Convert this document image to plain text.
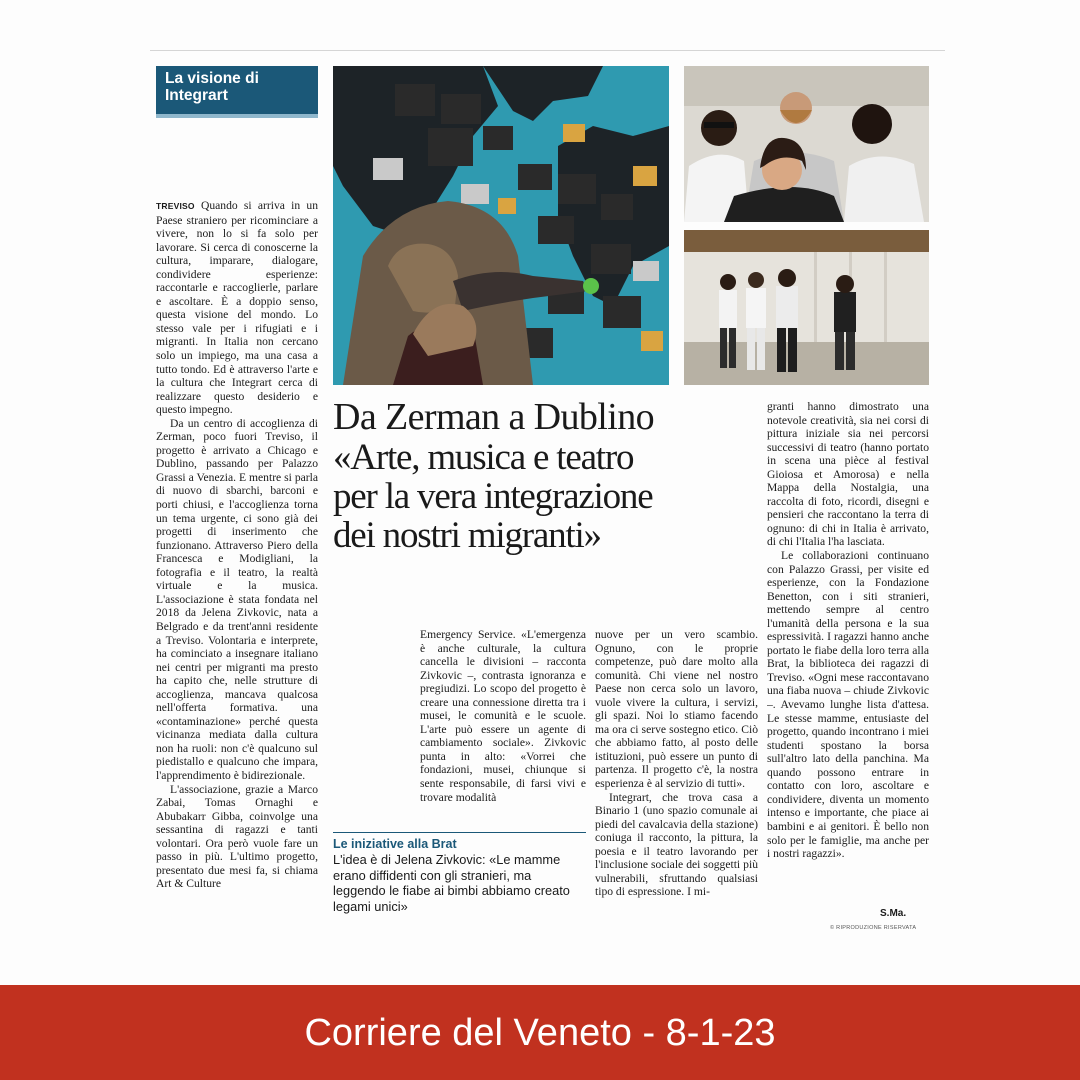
La visione di Integrart
Da Zerman a Dublino
«Arte, musica e teatro
per la vera integrazione
dei nostri migranti»

TREVISO Quando si arriva in un Paese straniero per ricominciare a vivere, non lo si fa solo per lavorare. Si cerca di conoscerne la cultura, imparare, dialogare, condividere esperienze: raccontarle e raccoglierle, parlare e ascoltare. È a doppio senso, questa visione del mondo. Lo stesso vale per i rifugiati e i migranti. In Italia non cercano solo un impiego, ma una casa a tutto tondo. Ed è attraverso l'arte e la cultura che Integrart cerca di realizzare questo desiderio e questo impegno.

Da un centro di accoglienza di Zerman, poco fuori Treviso, il progetto è arrivato a Chicago e Dublino, passando per Palazzo Grassi a Venezia. E mentre si parla di nuovo di sbarchi, barconi e porti chiusi, e l'accoglienza torna un tema urgente, ci sono già dei progetti di inserimento che funzionano. Attraverso Piero della Francesca e Modigliani, la fotografia e il teatro, la realtà virtuale e la musica. L'associazione è stata fondata nel 2018 da Jelena Zivkovic, nata a Belgrado e da trent'anni residente a Treviso. Volontaria e interprete, ha cominciato a insegnare italiano nei centri per migranti ma presto ha capito che, nelle strutture di accoglienza, mancava qualcosa nell'offerta formativa. una «contaminazione» perché questa vicinanza mediata dalla cultura non ha ruoli: non c'è qualcuno sul piedistallo e qualcuno che impara, l'apprendimento è bidirezionale.

L'associazione, grazie a Marco Zabai, Tomas Ornaghi e Abubakarr Gibba, coinvolge una sessantina di ragazzi e tanti volontari. Ora però vuole fare un passo in più. L'ultimo progetto, presentato due mesi fa, si chiama Art & Culture

Emergency Service. «L'emergenza è anche culturale, la cultura cancella le divisioni – racconta Zivkovic –, contrasta ignoranza e pregiudizi. Lo scopo del progetto è creare una connessione diretta tra i musei, le comunità e le scuole. L'arte può essere un agente di cambiamento sociale». Zivkovic punta in alto: «Vorrei che fondazioni, musei, chiunque si sente responsabile, di farsi vivi e trovare modalità

Le iniziative alla Brat
L'idea è di Jelena Zivkovic: «Le mamme erano diffidenti con gli stranieri, ma leggendo le fiabe ai bimbi abbiamo creato legami unici»

nuove per un vero scambio. Ognuno, con le proprie competenze, può dare molto alla comunità. Chi viene nel nostro Paese non cerca solo un lavoro, vuole vivere la cultura, i servizi, gli spazi. Noi lo stiamo facendo ma ora ci serve sostegno etico. Ciò che abbiamo fatto, al posto delle istituzioni, può essere un punto di partenza. Il progetto c'è, la nostra esperienza è al servizio di tutti».

Integrart, che trova casa a Binario 1 (uno spazio comunale ai piedi del cavalcavia della stazione) coniuga il racconto, la pittura, la poesia e il teatro lavorando per l'inclusione sociale dei soggetti più vulnerabili, sfruttando qualsiasi tipo di espressione. I mi-

granti hanno dimostrato una notevole creatività, sia nei corsi di pittura iniziale sia nei percorsi successivi di teatro (hanno portato in scena una pièce al festival Gioiosa et Amorosa) e nella Mappa della Nostalgia, una raccolta di foto, ricordi, disegni e pensieri che raccontano la terra di ognuno: di chi in Italia è arrivato, di chi l'Italia l'ha lasciata.

Le collaborazioni continuano con Palazzo Grassi, per visite ed esperienze, con la Fondazione Benetton, con i siti stranieri, mettendo sempre al centro l'umanità della persona e la sua espressività. I ragazzi hanno anche portato le fiabe della loro terra alla Brat, la biblioteca dei ragazzi di Treviso. «Ogni mese raccontavano una fiaba nuova – chiude Zivkovic –. Avevamo lunghe lista d'attesa. Le stesse mamme, entusiaste del progetto, quando incontrano i miei studenti spostano la borsa sull'altro lato della panchina. Ma quando possono entrare in contatto con loro, ascoltare e condividere, diventa un momento intenso e importante, che piace ai bambini e ai genitori. È bello non solo per le famiglie, ma anche per i nostri ragazzi».

S.Ma.
© RIPRODUZIONE RISERVATA
Corriere del Veneto - 8-1-23
